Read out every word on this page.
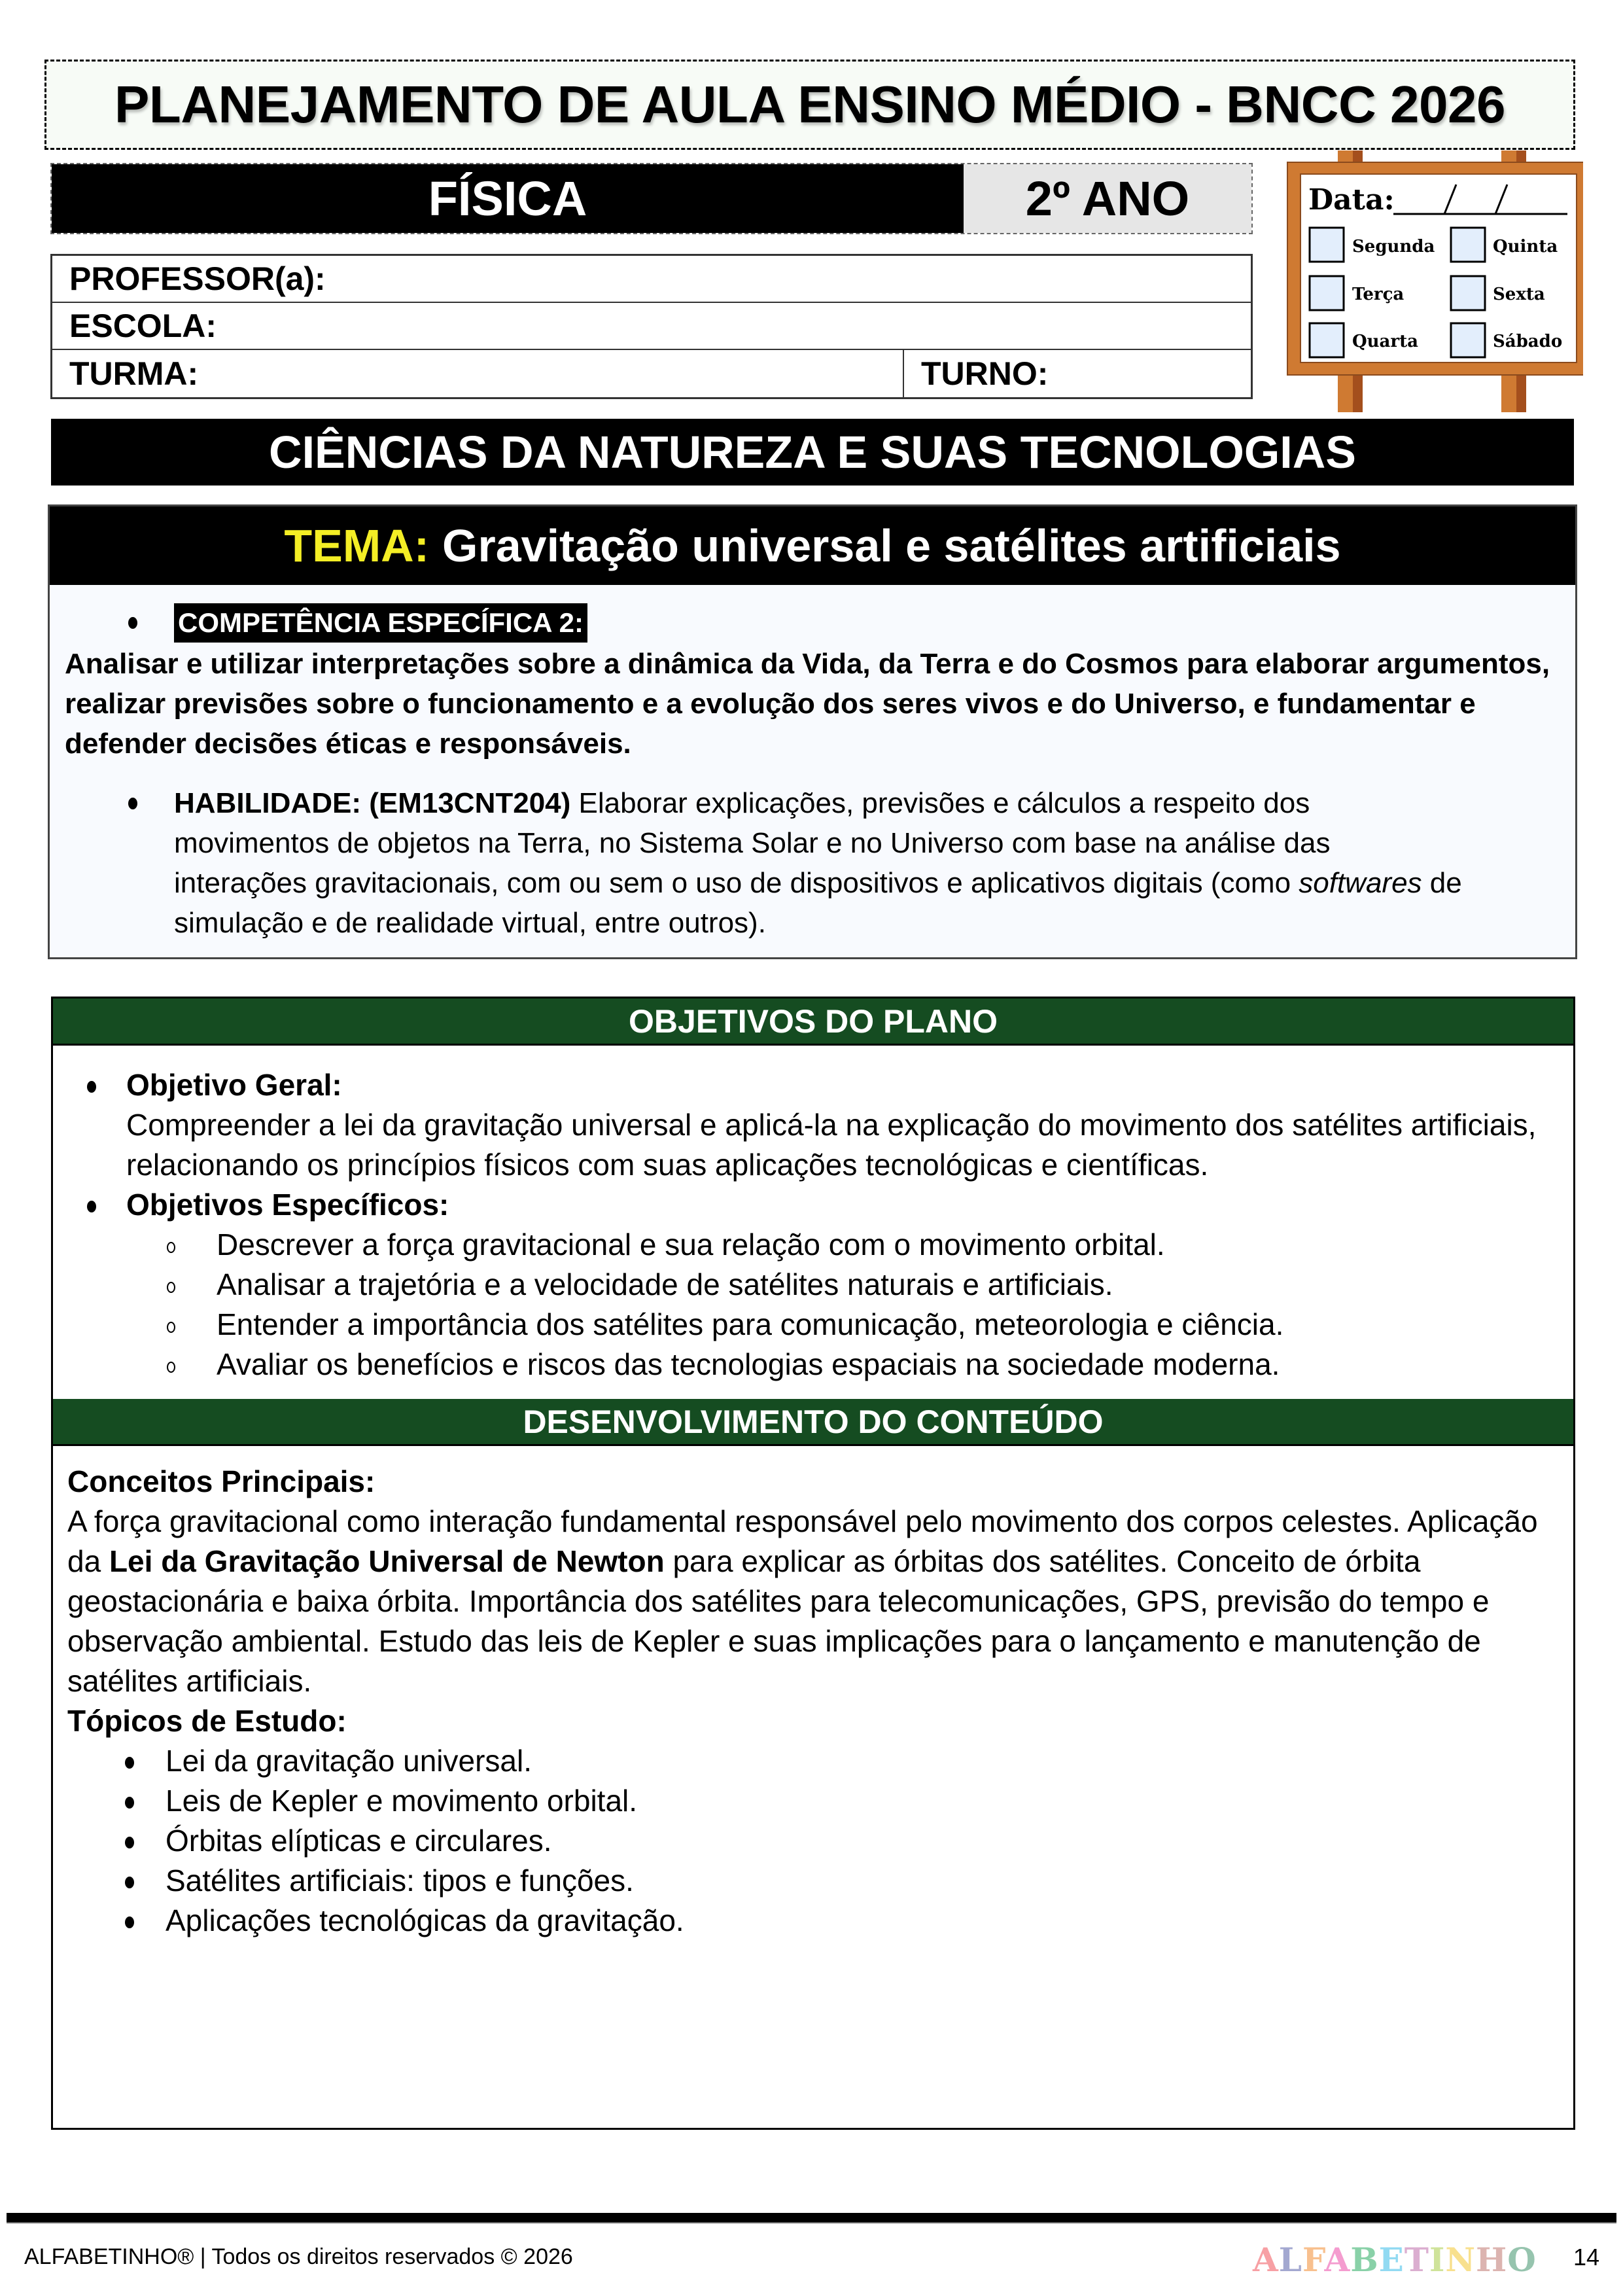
PLANEJAMENTO DE AULA ENSINO MÉDIO - BNCC 2026
FÍSICA	2º ANO
PROFESSOR(a):
ESCOLA:
TURMA:	TURNO:
Data:
Segunda	Quinta
Terça	Sexta
Quarta	Sábado
CIÊNCIAS DA NATUREZA E SUAS TECNOLOGIAS
TEMA: Gravitação universal e satélites artificiais
COMPETÊNCIA ESPECÍFICA 2:
Analisar e utilizar interpretações sobre a dinâmica da Vida, da Terra e do Cosmos para elaborar argumentos, realizar previsões sobre o funcionamento e a evolução dos seres vivos e do Universo, e fundamentar e defender decisões éticas e responsáveis.
HABILIDADE: (EM13CNT204) Elaborar explicações, previsões e cálculos a respeito dos movimentos de objetos na Terra, no Sistema Solar e no Universo com base na análise das interações gravitacionais, com ou sem o uso de dispositivos e aplicativos digitais (como softwares de simulação e de realidade virtual, entre outros).
OBJETIVOS DO PLANO
Objetivo Geral:
Compreender a lei da gravitação universal e aplicá-la na explicação do movimento dos satélites artificiais, relacionando os princípios físicos com suas aplicações tecnológicas e científicas.
Objetivos Específicos:
Descrever a força gravitacional e sua relação com o movimento orbital.
Analisar a trajetória e a velocidade de satélites naturais e artificiais.
Entender a importância dos satélites para comunicação, meteorologia e ciência.
Avaliar os benefícios e riscos das tecnologias espaciais na sociedade moderna.
DESENVOLVIMENTO DO CONTEÚDO
Conceitos Principais:
A força gravitacional como interação fundamental responsável pelo movimento dos corpos celestes. Aplicação da Lei da Gravitação Universal de Newton para explicar as órbitas dos satélites. Conceito de órbita geostacionária e baixa órbita. Importância dos satélites para telecomunicações, GPS, previsão do tempo e observação ambiental. Estudo das leis de Kepler e suas implicações para o lançamento e manutenção de satélites artificiais.
Tópicos de Estudo:
Lei da gravitação universal.
Leis de Kepler e movimento orbital.
Órbitas elípticas e circulares.
Satélites artificiais: tipos e funções.
Aplicações tecnológicas da gravitação.
ALFABETINHO® | Todos os direitos reservados © 2026	ALFABETINHO 14
